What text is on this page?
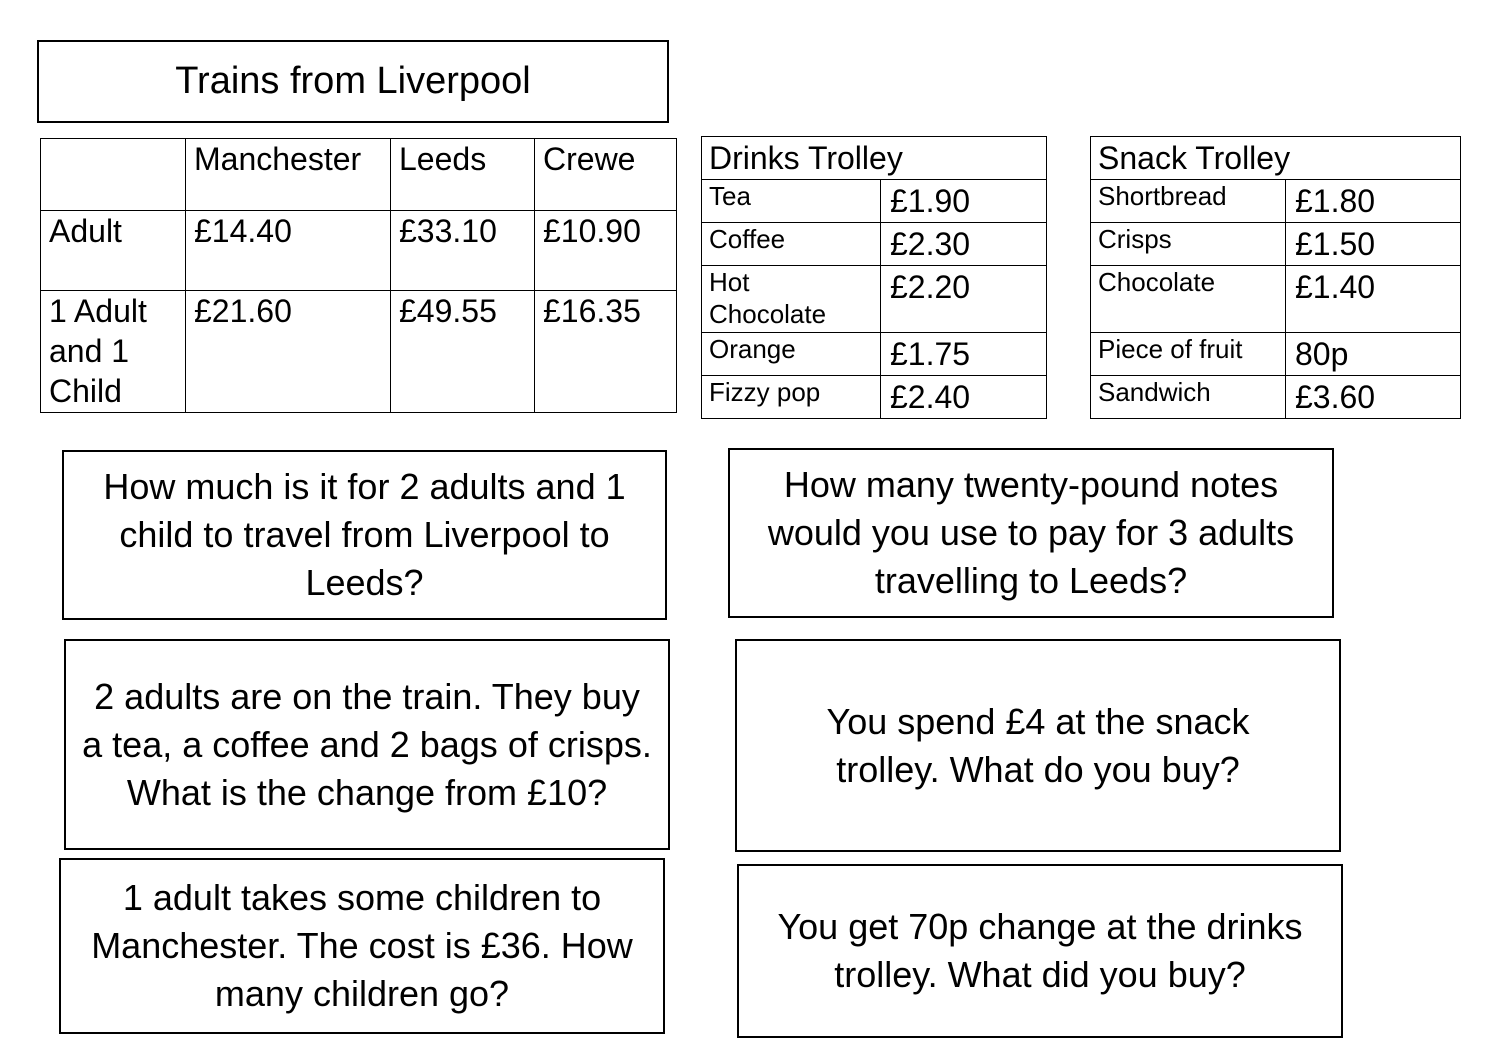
Trains from Liverpool
	Manchester	Leeds	Crewe
Adult	£14.40	£33.10	£10.90
1 Adult
and 1
Child	£21.60	£49.55	£16.35
Drinks Trolley	
Tea	£1.90
Coffee	£2.30
Hot
Chocolate	£2.20
Orange	£1.75
Fizzy pop	£2.40
Snack Trolley	
Shortbread	£1.80
Crisps	£1.50
Chocolate	£1.40
Piece of fruit	80p
Sandwich	£3.60
How much is it for 2 adults and 1 child to travel from Liverpool to Leeds?
How many twenty-pound notes would you use to pay for 3 adults travelling to Leeds?
2 adults are on the train. They buy a tea, a coffee and 2 bags of crisps. What is the change from £10?
You spend £4 at the snack trolley. What do you buy?
1 adult takes some children to Manchester. The cost is £36. How many children go?
You get 70p change at the drinks trolley. What did you buy?
